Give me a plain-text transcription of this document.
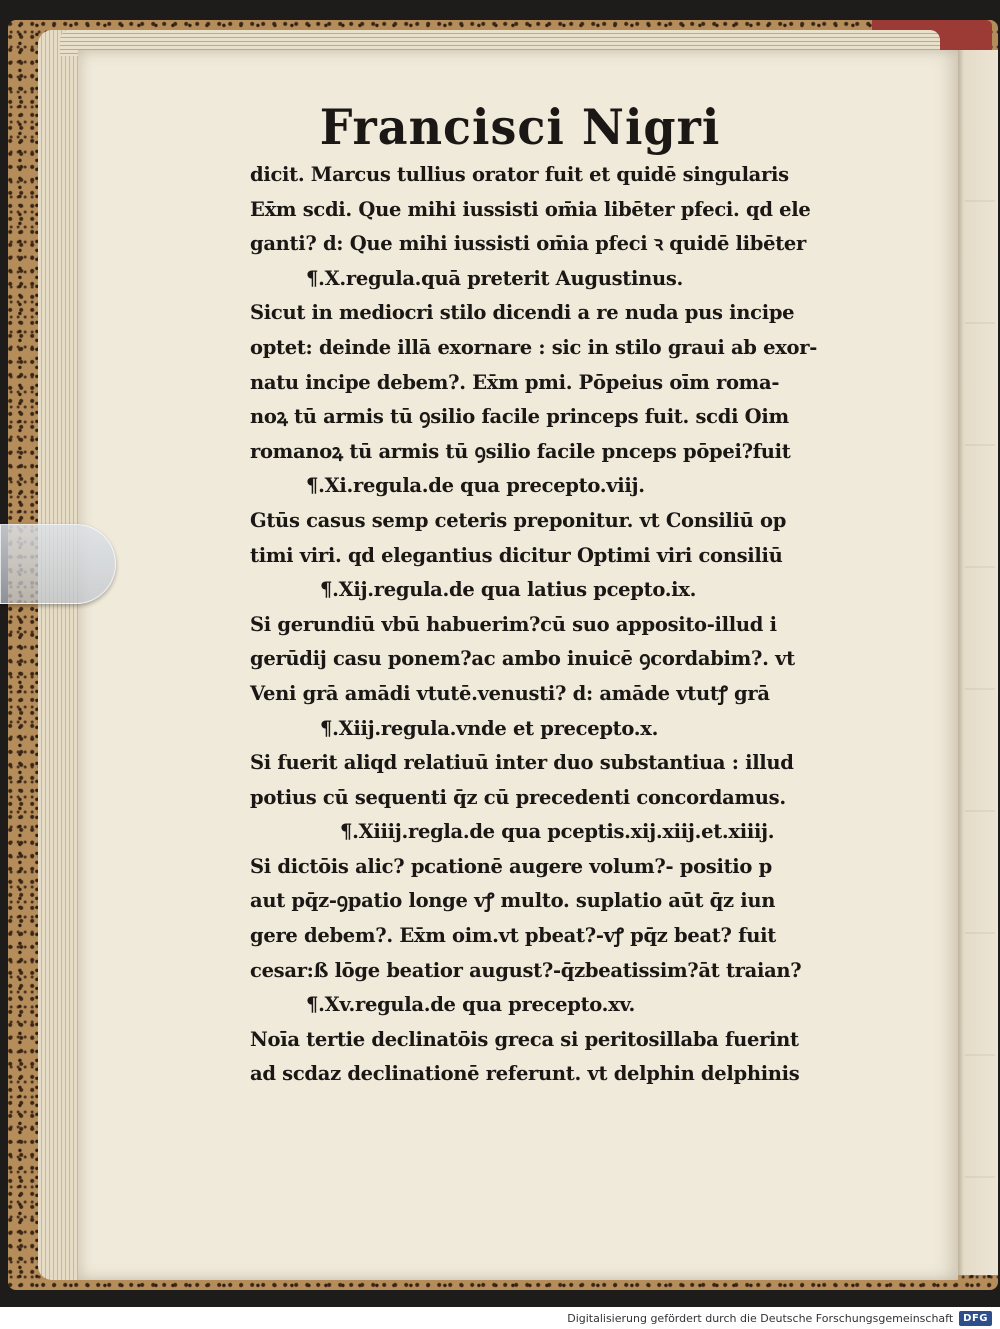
Francisci Nigri
dicit. Marcus tullius orator fuit et quidē singularis
Ex̄m scdi. Que mihi iussisti om̄ia libēter pfeci. qd ele
ganti? d: Que mihi iussisti om̄ia pfeci ꝛ quidē libēter
¶.X.regula.quā preterit Augustinus.
Sicut in mediocri stilo dicendi a re nuda pus incipe
optet: deinde illā exornare : sic in stilo graui ab exor-
natu incipe debem?. Ex̄m pmi. Pōpeius oīm roma-
noꝝ tū armis tū ꝯsilio facile princeps fuit. scdi Oim
romanoꝝ tū armis tū ꝯsilio facile pnceps pōpei?fuit
¶.Xi.regula.de qua precepto.viij.
Gtūs casus semp ceteris preponitur. vt Consiliū op
timi viri. qd elegantius dicitur Optimi viri consiliū
¶.Xij.regula.de qua latius pcepto.ix.
Si gerundiū vbū habuerim?cū suo apposito-illud i
gerūdij casu ponem?ac ambo inuicē ꝯcordabim?. vt
Veni grā amādi vtutē.venusti? d: amāde vtutꝭ grā
¶.Xiij.regula.vnde et precepto.x.
Si fuerit aliqd relatiuū inter duo substantiua : illud
potius cū sequenti q̄z cū precedenti concordamus.
¶.Xiiij.regla.de qua pceptis.xij.xiij.et.xiiij.
Si dictōis alic? pcationē augere volum?- positio p
aut pq̄z-ꝯpatio longe vꝭ multo. suplatio aūt q̄z iun
gere debem?. Ex̄m oim.vt pbeat?-vꝭ pq̄z beat? fuit
cesar:ß lōge beatior august?-q̄zbeatissim?āt traian?
¶.Xv.regula.de qua precepto.xv.
Noīa tertie declinatōis greca si peritosillaba fuerint
ad scdaz declinationē referunt. vt delphin delphinis
Digitalisierung gefördert durch die Deutsche Forschungsgemeinschaft	DFG
